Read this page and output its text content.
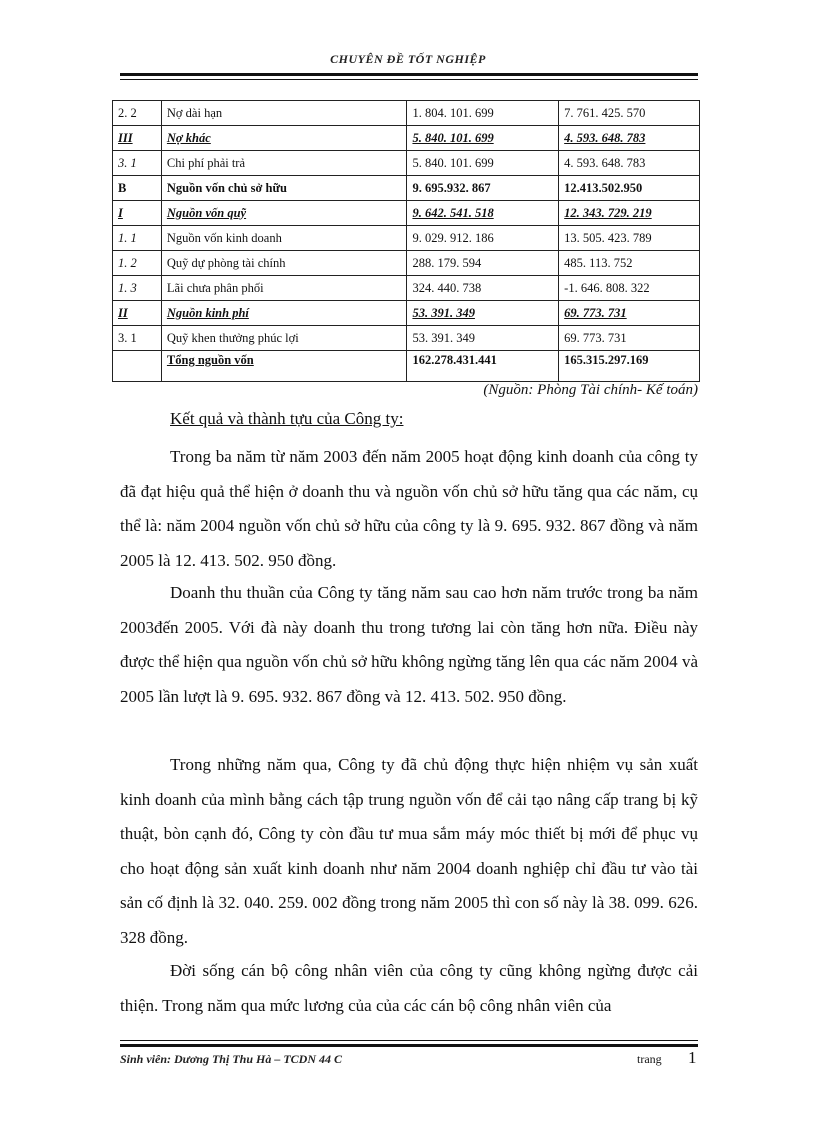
CHUYÊN ĐỀ TỐT NGHIỆP
2. 2	Nợ dài hạn	1. 804. 101. 699	7. 761. 425. 570
III	Nợ khác	5. 840. 101. 699	4. 593. 648. 783
3. 1	Chi phí phải trả	5. 840. 101. 699	4. 593. 648. 783
B	Nguồn vốn chủ sở hữu	9. 695.932. 867	12.413.502.950
I	Nguồn vốn quỹ	9. 642. 541. 518	12. 343. 729. 219
1. 1	Nguồn vốn kinh doanh	9. 029. 912. 186	13. 505. 423. 789
1. 2	Quỹ dự phòng tài chính	288. 179. 594	485. 113. 752
1. 3	Lãi chưa phân phối	324. 440. 738	-1. 646. 808. 322
II	Nguồn kinh phí	53. 391. 349	69. 773. 731
3. 1	Quỹ khen thưởng phúc lợi	53. 391. 349	69. 773. 731
	Tổng nguồn vốn	162.278.431.441	165.315.297.169
(Nguồn: Phòng Tài chính- Kế toán)
Kết quả và thành tựu của Công ty:

Trong ba năm từ năm 2003 đến năm 2005 hoạt động kinh doanh của công ty đã đạt hiệu quả thể hiện ở doanh thu và nguồn vốn chủ sở hữu tăng qua các năm, cụ thể là: năm 2004 nguồn vốn chủ sở hữu của công ty là 9. 695. 932. 867 đồng và năm 2005 là 12. 413. 502. 950 đồng.

Doanh thu thuần của Công ty tăng năm sau cao hơn năm trước trong ba năm 2003đến 2005. Với đà này doanh thu trong tương lai còn tăng hơn nữa. Điều này được thể hiện qua nguồn vốn chủ sở hữu không ngừng tăng lên qua các năm 2004 và 2005 lần lượt là 9. 695. 932. 867 đồng và 12. 413. 502. 950 đồng.

Trong những năm qua, Công ty đã chủ động thực hiện nhiệm vụ sản xuất kinh doanh của mình bằng cách tập trung nguồn vốn để cải tạo nâng cấp trang bị kỹ thuật, bòn cạnh đó, Công ty còn đầu tư mua sắm máy móc thiết bị mới để phục vụ cho hoạt động sản xuất kinh doanh như năm 2004 doanh nghiệp chỉ đầu tư vào tài sản cố định là 32. 040. 259. 002 đồng trong năm 2005 thì con số này là 38. 099. 626. 328 đồng.

Đời sống cán bộ công nhân viên của công ty cũng không ngừng được cải thiện. Trong năm qua mức lương của của các cán bộ công nhân viên của

Sinh viên: Dương Thị Thu Hà – TCDN 44 C	trang 1
